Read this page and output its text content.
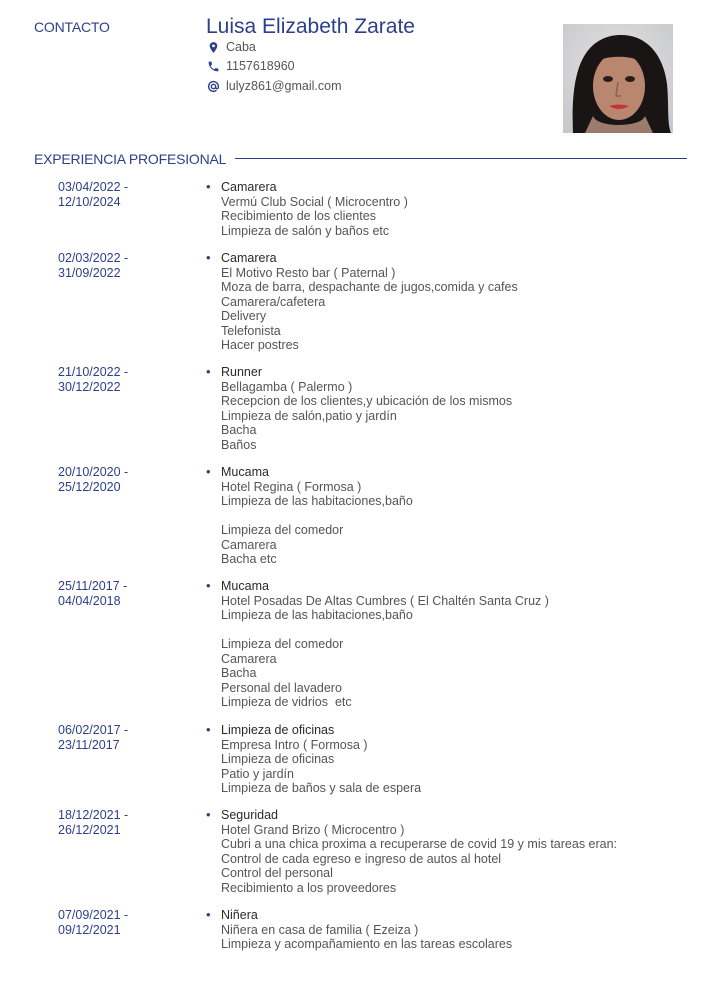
CONTACTO	Luisa Elizabeth Zarate
Caba
1157618960
lulyz861@gmail.com
EXPERIENCIA PROFESIONAL
03/04/2022 -
12/10/2024
• Camarera
Vermú Club Social ( Microcentro )
Recibimiento de los clientes
Limpieza de salón y baños etc
02/03/2022 -
31/09/2022
• Camarera
El Motivo Resto bar ( Paternal )
Moza de barra, despachante de jugos,comida y cafes
Camarera/cafetera
Delivery
Telefonista
Hacer postres
21/10/2022 -
30/12/2022
• Runner
Bellagamba ( Palermo )
Recepcion de los clientes,y ubicación de los mismos
Limpieza de salón,patio y jardín
Bacha
Baños
20/10/2020 -
25/12/2020
• Mucama
Hotel Regina ( Formosa )
Limpieza de las habitaciones,baño
Limpieza del comedor
Camarera
Bacha etc
25/11/2017 -
04/04/2018
• Mucama
Hotel Posadas De Altas Cumbres ( El Chaltén Santa Cruz )
Limpieza de las habitaciones,baño
Limpieza del comedor
Camarera
Bacha
Personal del lavadero
Limpieza de vidrios  etc
06/02/2017 -
23/11/2017
• Limpieza de oficinas
Empresa Intro ( Formosa )
Limpieza de oficinas
Patio y jardín
Limpieza de baños y sala de espera
18/12/2021 -
26/12/2021
• Seguridad
Hotel Grand Brizo ( Microcentro )
Cubri a una chica proxima a recuperarse de covid 19 y mis tareas eran:
Control de cada egreso e ingreso de autos al hotel
Control del personal
Recibimiento a los proveedores
07/09/2021 -
09/12/2021
• Niñera
Niñera en casa de familia ( Ezeiza )
Limpieza y acompañamiento en las tareas escolares
